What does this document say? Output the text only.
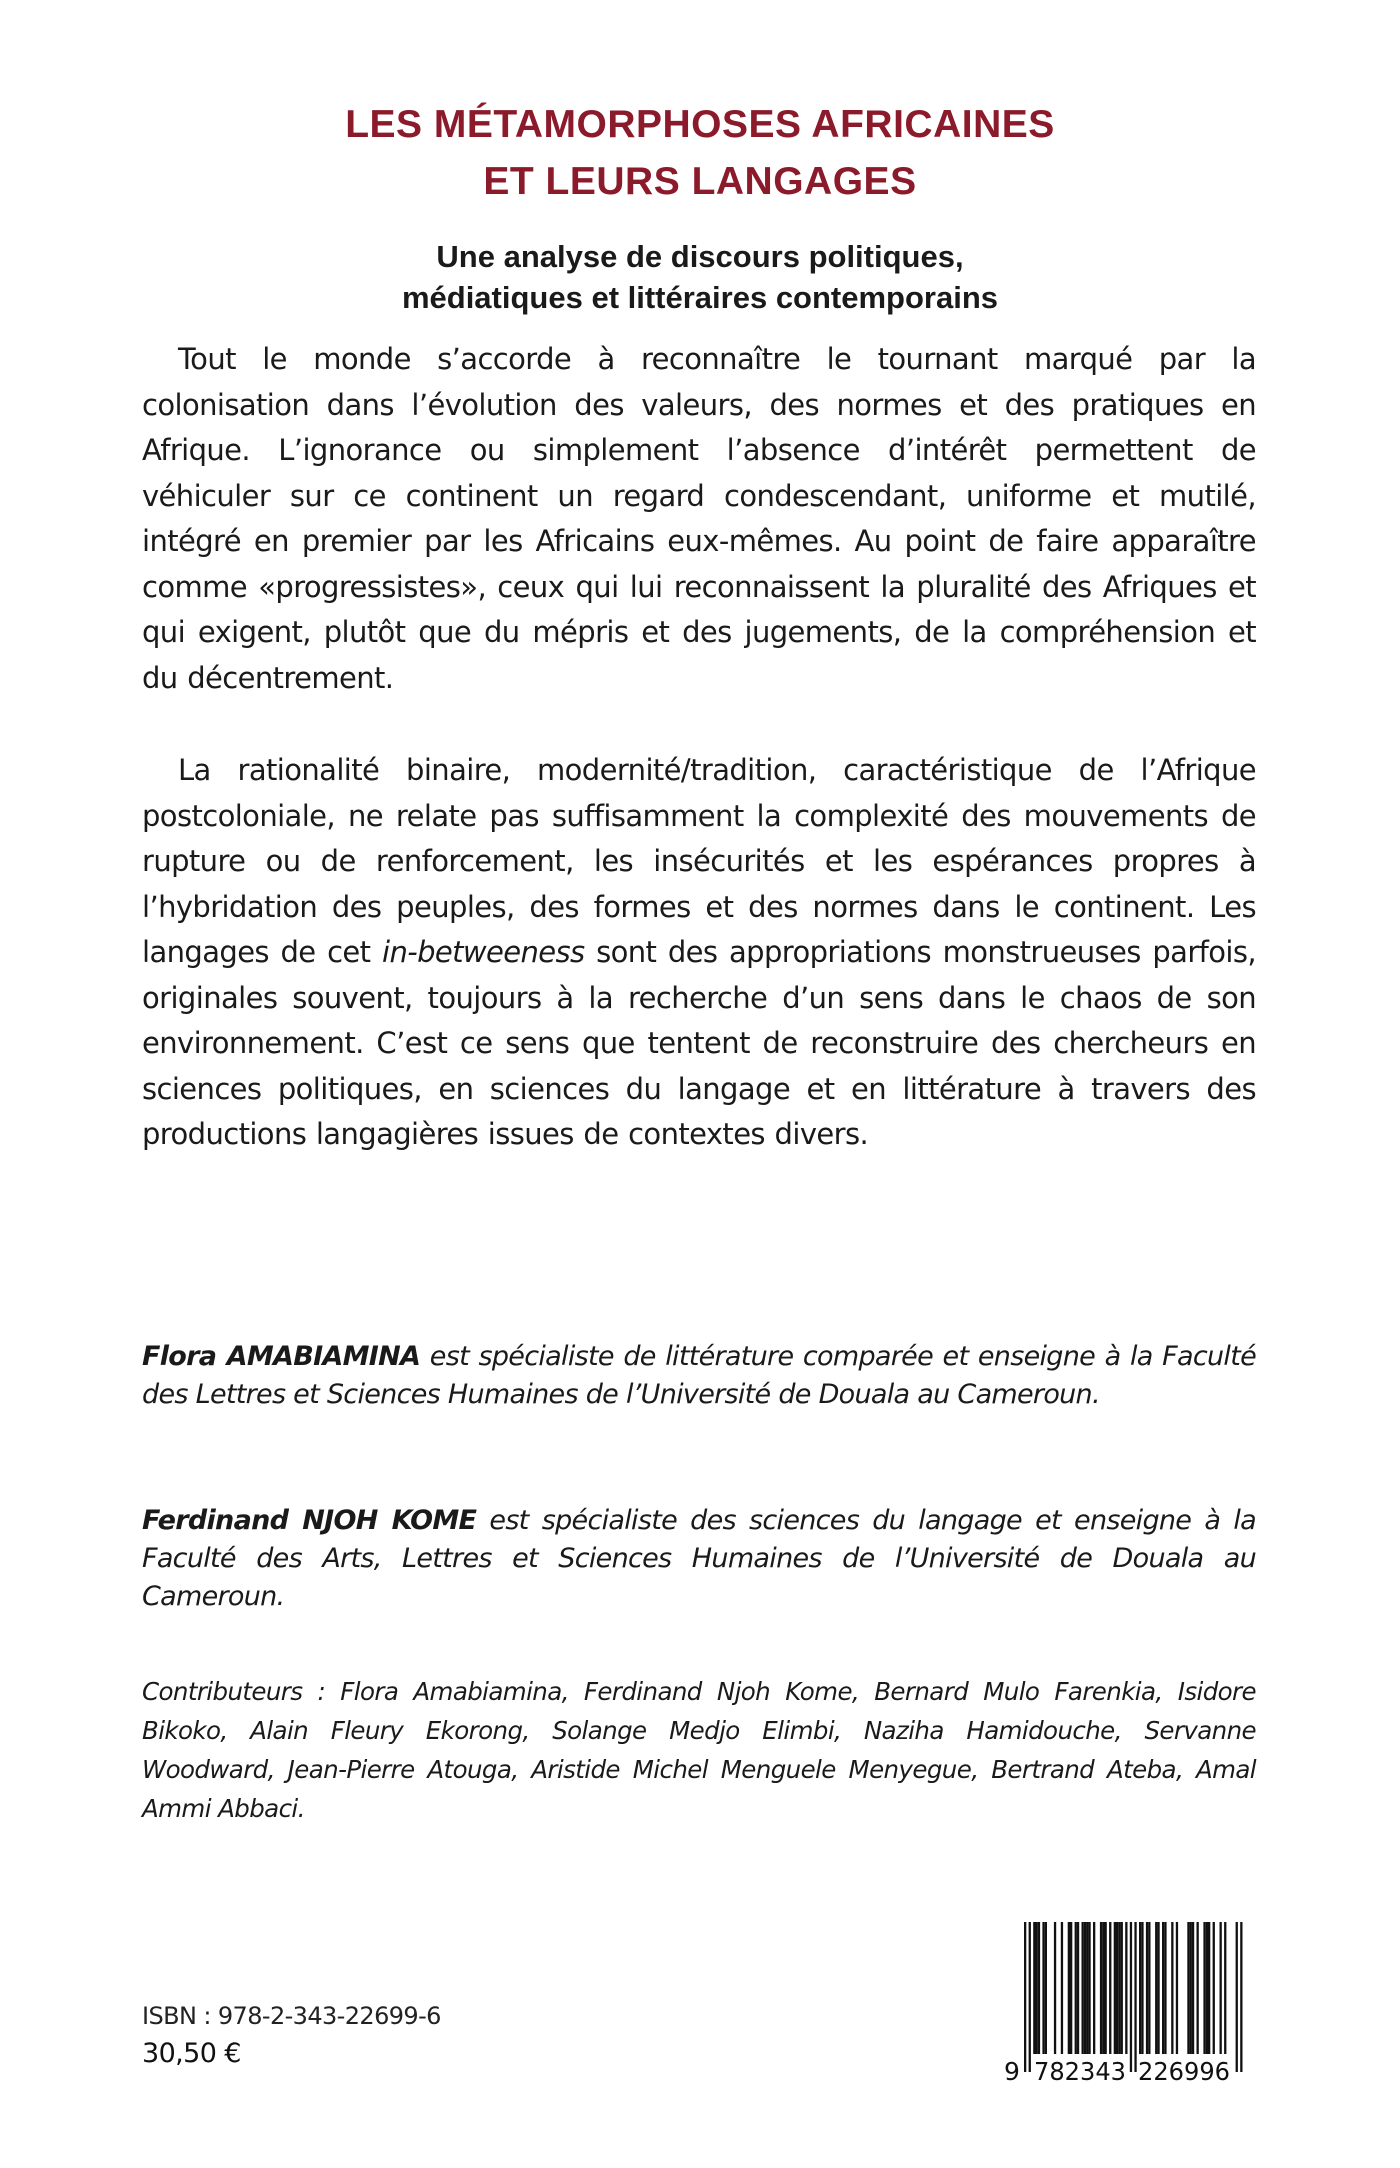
LES MÉTAMORPHOSES AFRICAINES
ET LEURS LANGAGES
Une analyse de discours politiques,
médiatiques et littéraires contemporains

Tout le monde s’accorde à reconnaître le tournant marqué par la colonisation dans l’évolution des valeurs, des normes et des pratiques en Afrique. L’ignorance ou simplement l’absence d’intérêt permettent de véhiculer sur ce continent un regard condescendant, uniforme et mutilé, intégré en premier par les Africains eux-mêmes. Au point de faire apparaître comme «progressistes», ceux qui lui reconnaissent la pluralité des Afriques et qui exigent, plutôt que du mépris et des jugements, de la compréhension et du décentrement.

La rationalité binaire, modernité/tradition, caractéristique de l’Afrique postcoloniale, ne relate pas suffisamment la complexité des mouvements de rupture ou de renforcement, les insécurités et les espérances propres à l’hybridation des peuples, des formes et des normes dans le continent. Les langages de cet in-betweeness sont des appropriations monstrueuses parfois, originales souvent, toujours à la recherche d’un sens dans le chaos de son environnement. C’est ce sens que tentent de reconstruire des chercheurs en sciences politiques, en sciences du langage et en littérature à travers des productions langagières issues de contextes divers.

Flora AMABIAMINA est spécialiste de littérature comparée et enseigne à la Faculté des Lettres et Sciences Humaines de l’Université de Douala au Cameroun.

Ferdinand NJOH KOME est spécialiste des sciences du langage et enseigne à la Faculté des Arts, Lettres et Sciences Humaines de l’Université de Douala au Cameroun.

Contributeurs : Flora Amabiamina, Ferdinand Njoh Kome, Bernard Mulo Farenkia, Isidore Bikoko, Alain Fleury Ekorong, Solange Medjo Elimbi, Naziha Hamidouche, Servanne Woodward, Jean-Pierre Atouga, Aristide Michel Menguele Menyegue, Bertrand Ateba, Amal Ammi Abbaci.

ISBN : 978-2-343-22699-6
30,50 €
9 782343 226996
